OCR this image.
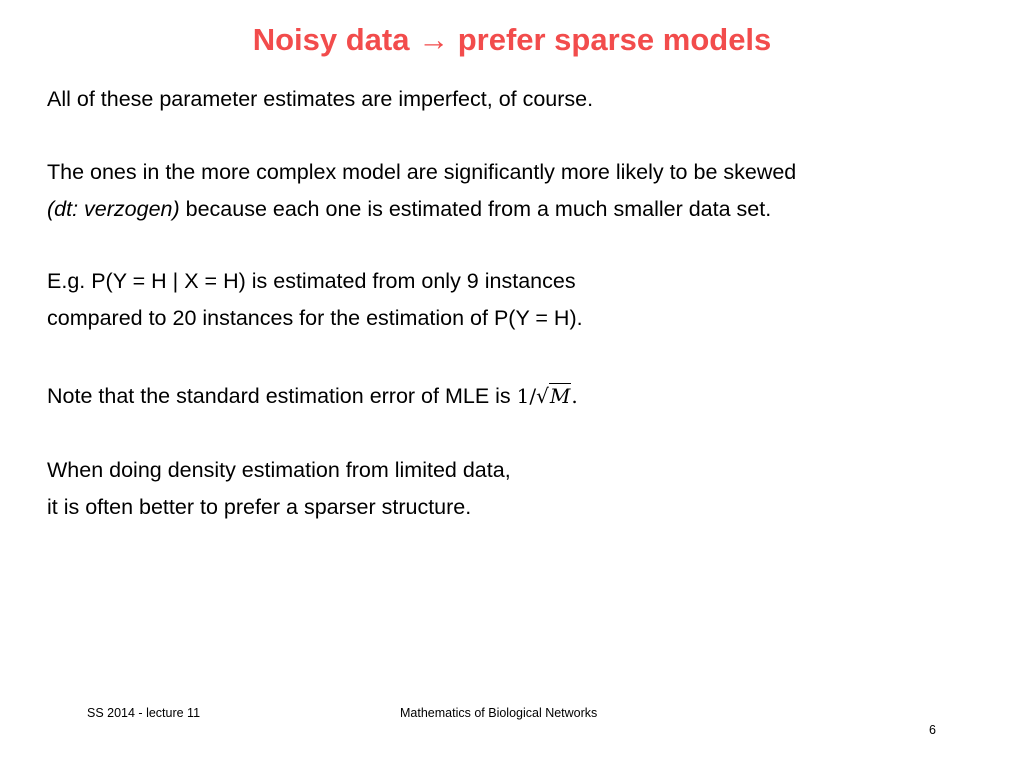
Noisy data → prefer sparse models
All of these parameter estimates are imperfect, of course.
The ones in the more complex model are significantly more likely to be skewed
(dt: verzogen) because each one is estimated from a much smaller data set.
E.g. P(Y = H | X = H) is estimated from only 9 instances
compared to 20 instances for the estimation of P(Y = H).
Note that the standard estimation error of MLE is 1/√M.
When doing density estimation from limited data,
it is often better to prefer a sparser structure.
SS 2014 - lecture 11	Mathematics of Biological Networks
6
